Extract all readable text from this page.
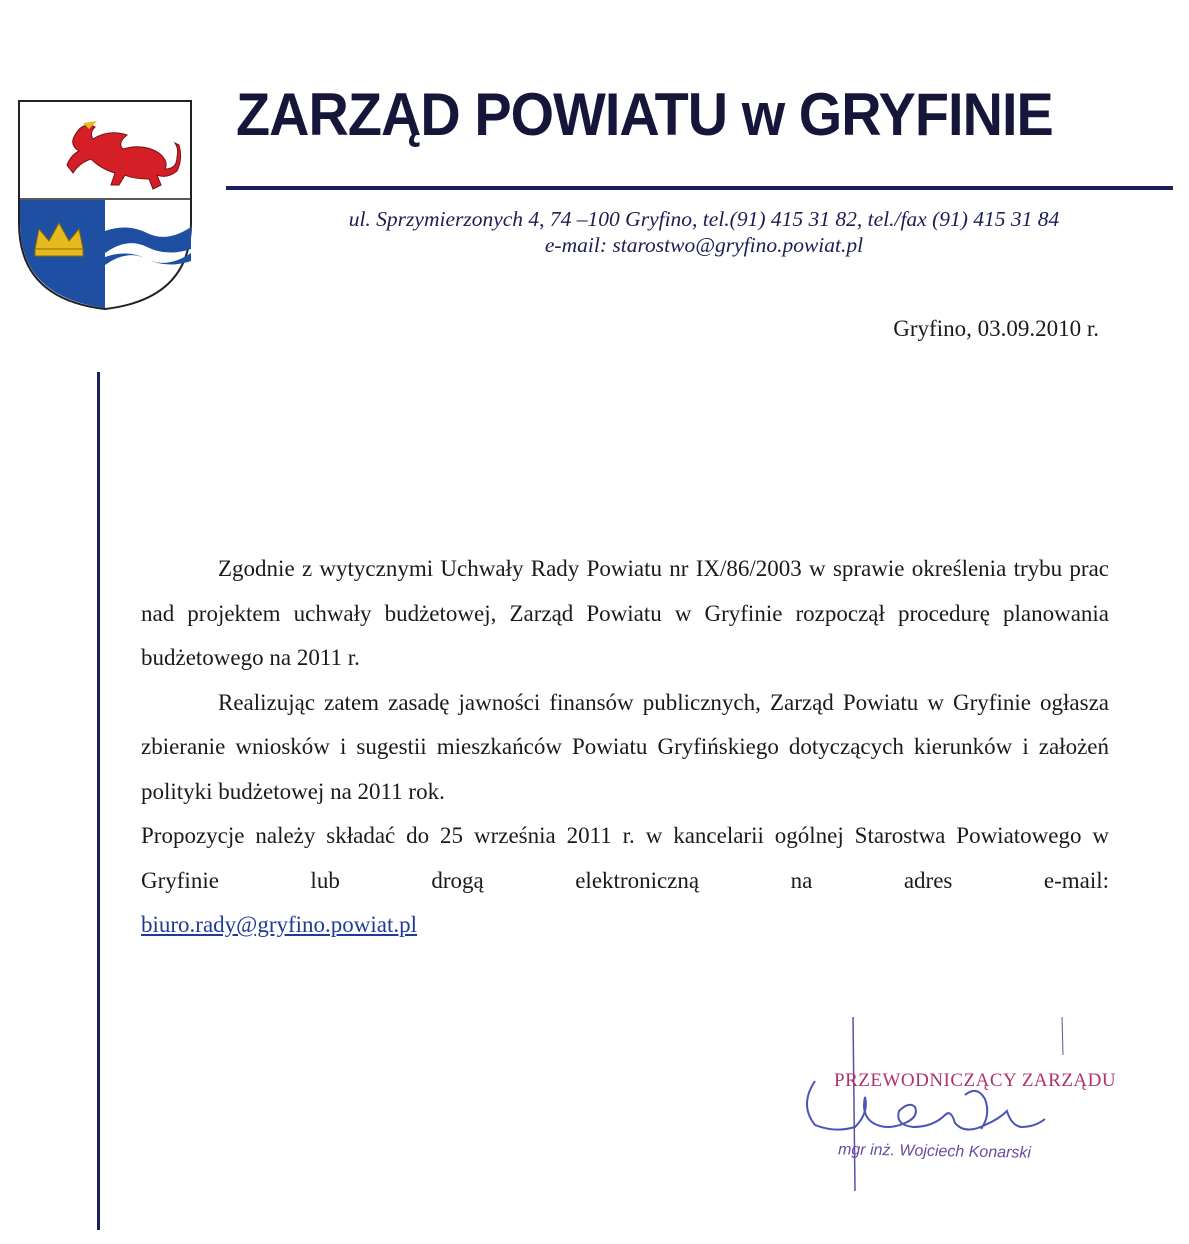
ZARZĄD POWIATU w GRYFINIE
ul. Sprzymierzonych 4, 74 –100 Gryfino, tel.(91) 415 31 82, tel./fax (91) 415 31 84
e-mail: starostwo@gryfino.powiat.pl
Gryfino, 03.09.2010 r.

Zgodnie z wytycznymi Uchwały Rady Powiatu nr IX/86/2003 w sprawie określenia trybu prac nad projektem uchwały budżetowej, Zarząd Powiatu w Gryfinie rozpoczął procedurę planowania budżetowego na 2011 r.

Realizując zatem zasadę jawności finansów publicznych, Zarząd Powiatu w Gryfinie ogłasza zbieranie wniosków i sugestii mieszkańców Powiatu Gryfińskiego dotyczących kierunków i założeń polityki budżetowej na 2011 rok.

Propozycje należy składać do 25 września 2011 r. w kancelarii ogólnej Starostwa Powiatowego w Gryfinie lub drogą elektroniczną na adres e-mail:

biuro.rady@gryfino.powiat.pl

PRZEWODNICZĄCY ZARZĄDU
mgr inż. Wojciech Konarski
